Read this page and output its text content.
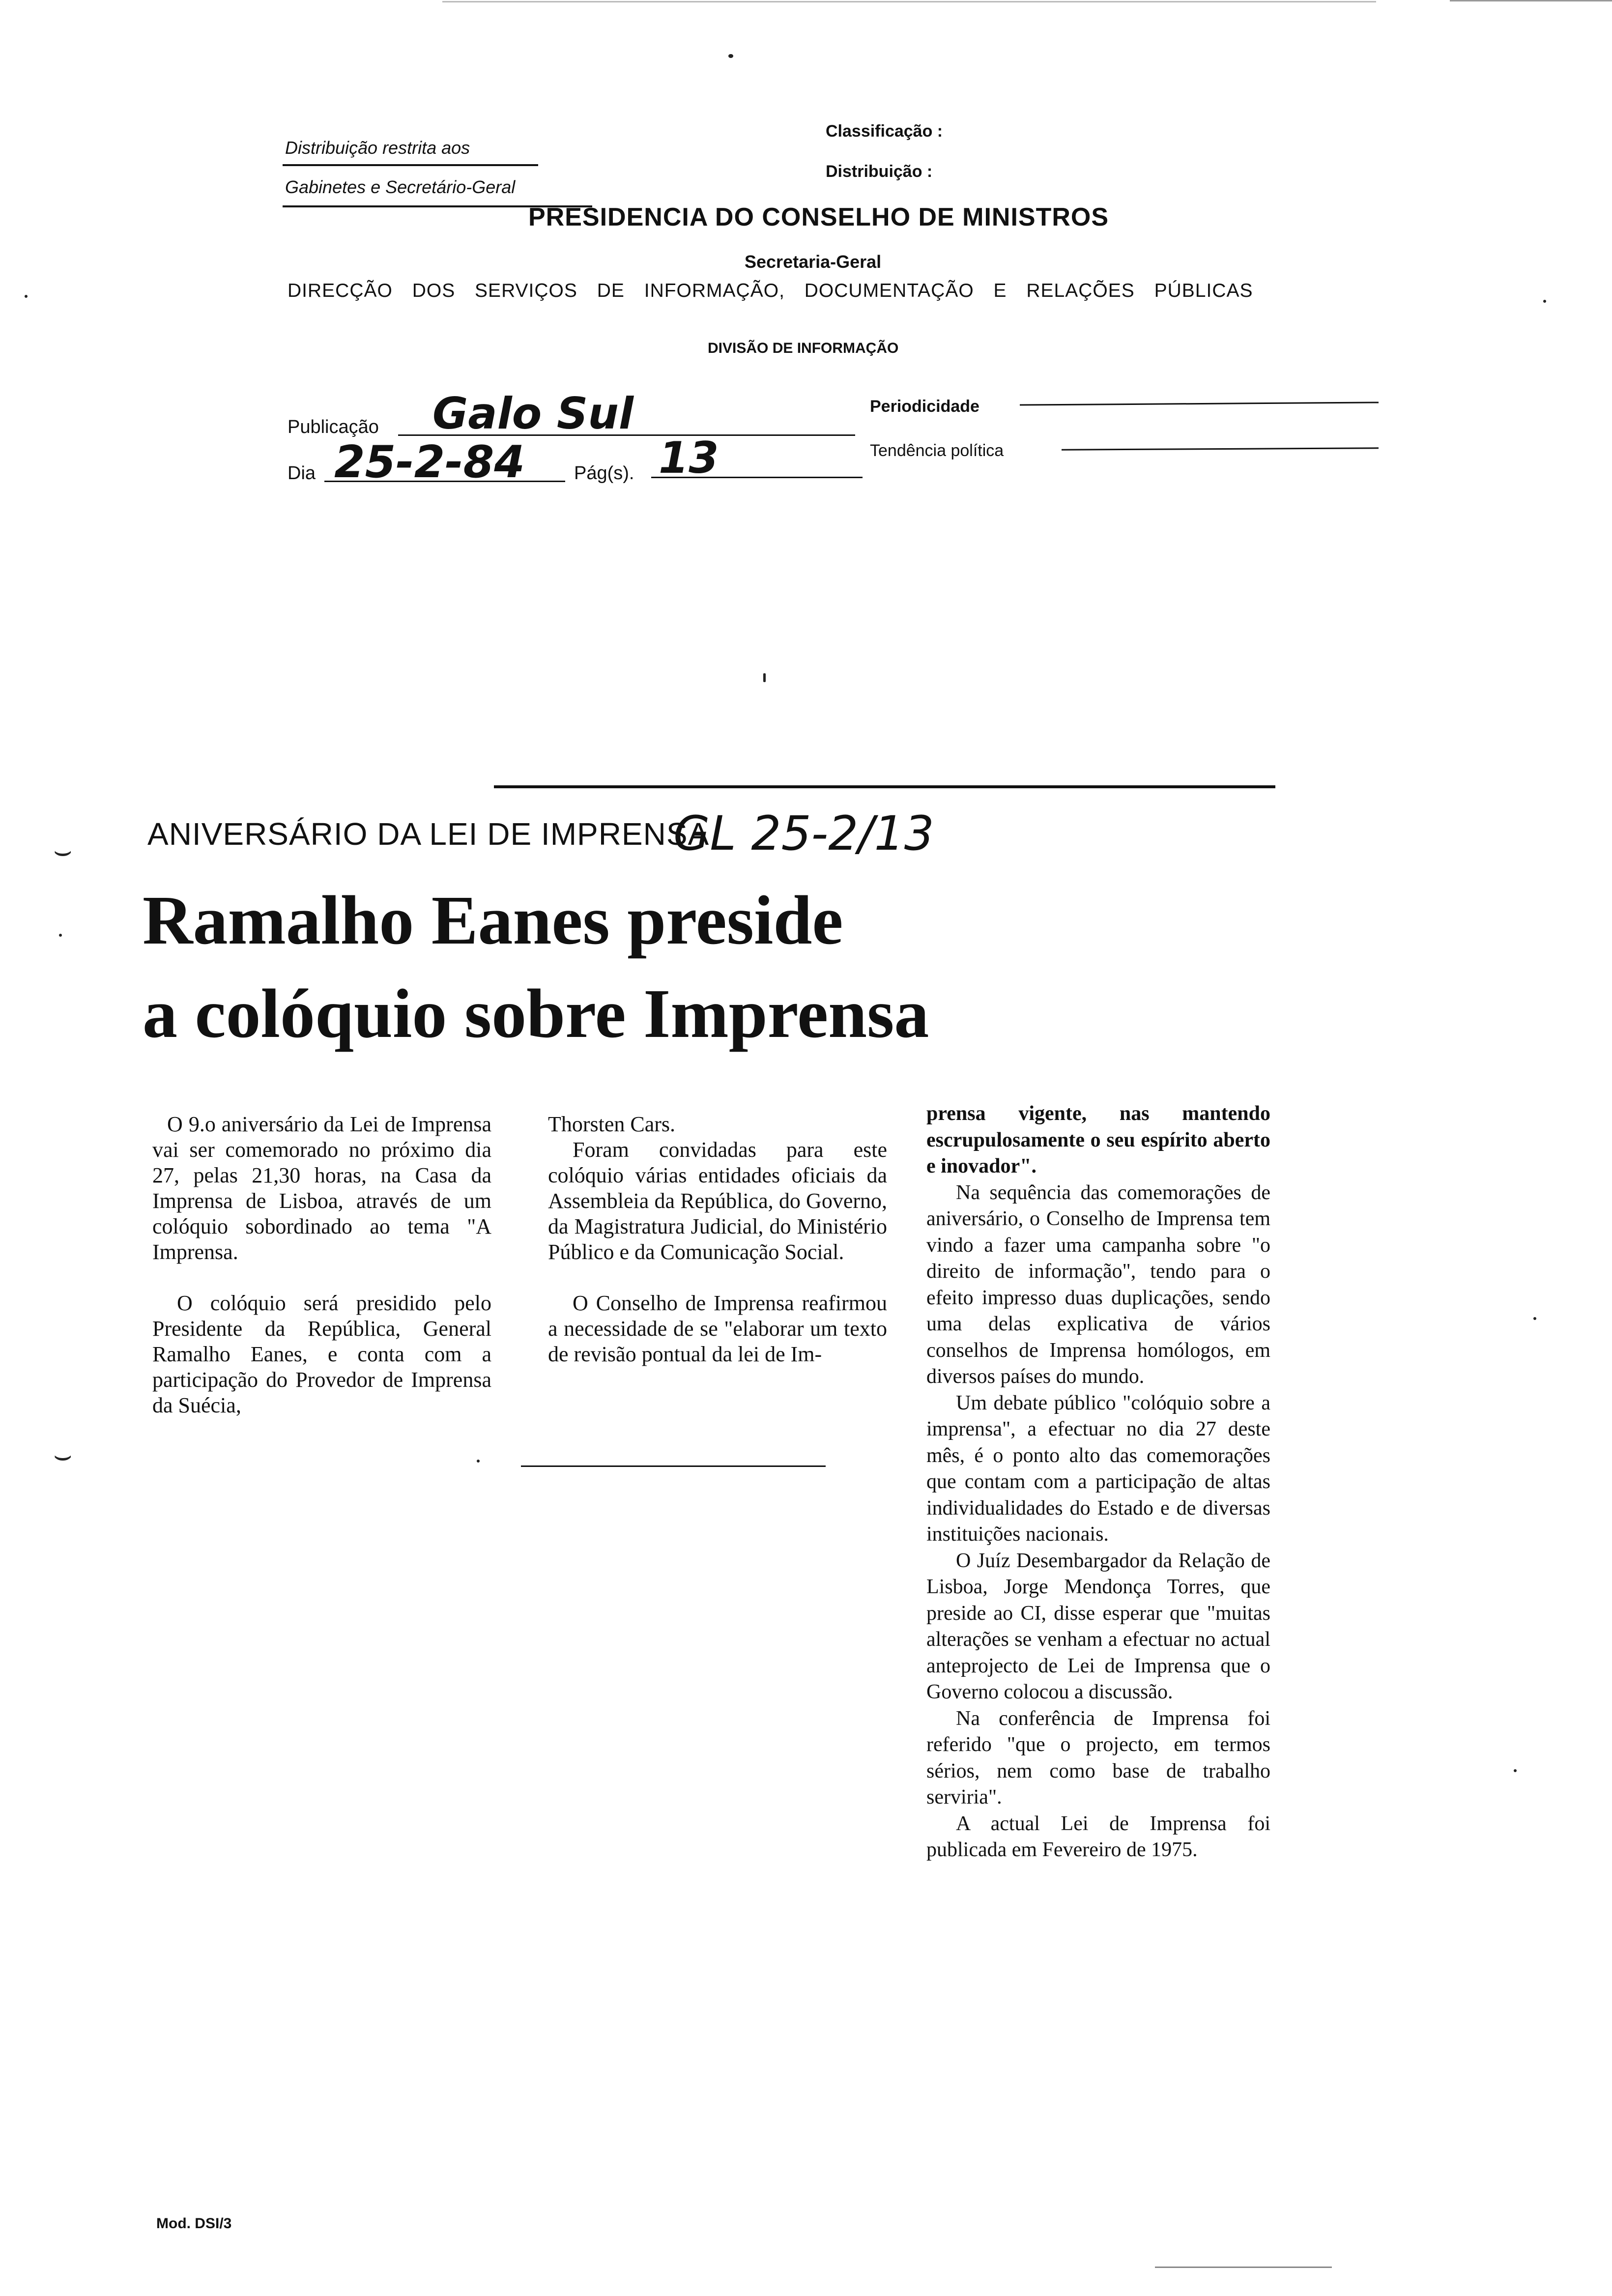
Distribuição restrita aos
Gabinetes e Secretário-Geral
Classificação :
Distribuição :
PRESIDENCIA DO CONSELHO DE MINISTROS
Secretaria-Geral
DIRECÇÃO DOS SERVIÇOS DE INFORMAÇÃO, DOCUMENTAÇÃO E RELAÇÕES PÚBLICAS
DIVISÃO DE INFORMAÇÃO
Publicação Galo Sul
Dia 25-2-84	Pág(s). 13
Periodicidade
Tendência política
⌣
⌣
ANIVERSÁRIO DA LEI DE IMPRENSA
GL 25-2/13
Ramalho Eanes preside
a colóquio sobre Imprensa

O 9.o aniversário da Lei de Imprensa vai ser comemorado no próximo dia 27, pelas 21,30 horas, na Casa da Imprensa de Lisboa, através de um colóquio sobordinado ao tema "A Imprensa.

O colóquio será presidido pelo Presidente da República, General Ramalho Eanes, e conta com a participação do Provedor de Imprensa da Suécia,

Thorsten Cars.

Foram convidadas para este colóquio várias entidades oficiais da Assembleia da República, do Governo, da Magistratura Judicial, do Ministério Público e da Comunicação Social.

O Conselho de Imprensa reafirmou a necessidade de se "elaborar um texto de revisão pontual da lei de Im-

prensa vigente, nas mantendo escrupulosamente o seu espírito aberto e inovador".

Na sequência das comemorações de aniversário, o Conselho de Imprensa tem vindo a fazer uma campanha sobre "o direito de informação", tendo para o efeito impresso duas duplicações, sendo uma delas explicativa de vários conselhos de Imprensa homólogos, em diversos países do mundo.

Um debate público "colóquio sobre a imprensa", a efectuar no dia 27 deste mês, é o ponto alto das comemorações que contam com a participação de altas individualidades do Estado e de diversas instituições nacionais.

O Juíz Desembargador da Relação de Lisboa, Jorge Mendonça Torres, que preside ao CI, disse esperar que "muitas alterações se venham a efectuar no actual anteprojecto de Lei de Imprensa que o Governo colocou a discussão.

Na conferência de Imprensa foi referido "que o projecto, em termos sérios, nem como base de trabalho serviria".

A actual Lei de Imprensa foi publicada em Fevereiro de 1975.

Mod. DSI/3
